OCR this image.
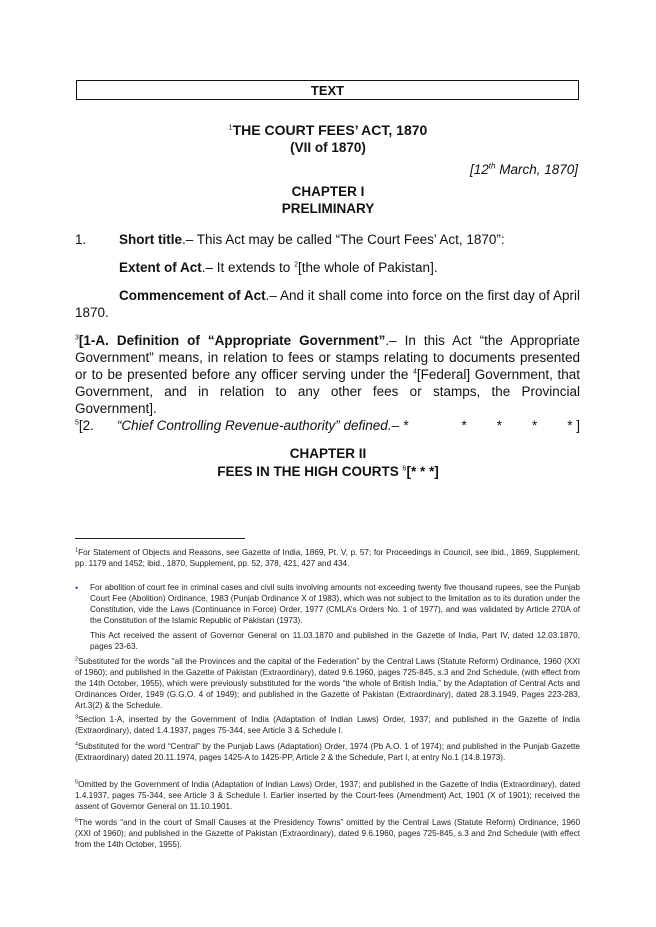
TEXT
$^1$THE COURT FEES’ ACT, 1870
(VII of 1870)
[12th March, 1870]
CHAPTER I
PRELIMINARY
1. Short title.– This Act may be called “The Court Fees’ Act, 1870”:
Extent of Act.– It extends to $^2$[the whole of Pakistan].
Commencement of Act.– And it shall come into force on the first day of April 1870.
$^3$[1-A. Definition of “Appropriate Government”.– In this Act “the Appropriate Government” means, in relation to fees or stamps relating to documents presented or to be presented before any officer serving under the $^4$[Federal] Government, that Government, and in relation to any other fees or stamps, the Provincial Government].
$^5$[2. “Chief Controlling Revenue-authority” defined.– *	*        *        *        * ]
CHAPTER II
FEES IN THE HIGH COURTS $^6$[* * *]
$^1$For Statement of Objects and Reasons, see Gazette of India, 1869, Pt. V, p. 57; for Proceedings in Council, see ibid., 1869, Supplement, pp. 1179 and 1452; ibid., 1870, Supplement, pp. 52, 378, 421, 427 and 434.
• For abolition of court fee in criminal cases and civil suits involving amounts not exceeding twenty five thousand rupees, see the Punjab Court Fee (Abolition) Ordinance, 1983 (Punjab Ordinance X of 1983), which was not subject to the limitation as to its duration under the Constitution, vide the Laws (Continuance in Force) Order, 1977 (CMLA’s Orders No. 1 of 1977), and was validated by Article 270A of the Constitution of the Islamic Republic of Pakistan (1973).
This Act received the assent of Governor General on 11.03.1870 and published in the Gazette of India, Part IV, dated 12.03.1870, pages 23-63.
$^2$Substituted for the words “all the Provinces and the capital of the Federation” by the Central Laws (Statute Reform) Ordinance, 1960 (XXI of 1960); and published in the Gazette of Pakistan (Extraordinary), dated 9.6.1960, pages 725-845, s.3 and 2nd Schedule, (with effect from the 14th October, 1955), which were previously substituted for the words “the whole of British India,” by the Adaptation of Central Acts and Ordinances Order, 1949 (G.G.O. 4 of 1949); and published in the Gazette of Pakistan (Extraordinary), dated 28.3.1949, Pages 223-283, Art.3(2) & the Schedule.
$^3$Section 1-A, inserted by the Government of India (Adaptation of Indian Laws) Order, 1937; and published in the Gazette of India (Extraordinary), dated 1.4.1937, pages 75-344, see Article 3 & Schedule I.
$^4$Substituted for the word “Central” by the Punjab Laws (Adaptation) Order, 1974 (Pb A.O. 1 of 1974); and published in the Punjab Gazette (Extraordinary) dated 20.11.1974, pages 1425-A to 1425-PP, Article 2 & the Schedule, Part I, at entry No.1 (14.8.1973).
$^5$Omitted by the Government of India (Adaptation of Indian Laws) Order, 1937; and published in the Gazette of India (Extraordinary), dated 1.4.1937, pages 75-344, see Article 3 & Schedule I. Earlier inserted by the Court-fees (Amendment) Act, 1901 (X of 1901); received the assent of Governor General on 11.10.1901.
$^6$The words “and in the court of Small Causes at the Presidency Towns” omitted by the Central Laws (Statute Reform) Ordinance, 1960 (XXI of 1960); and published in the Gazette of Pakistan (Extraordinary), dated 9.6.1960, pages 725-845, s.3 and 2nd Schedule (with effect from the 14th October, 1955).
